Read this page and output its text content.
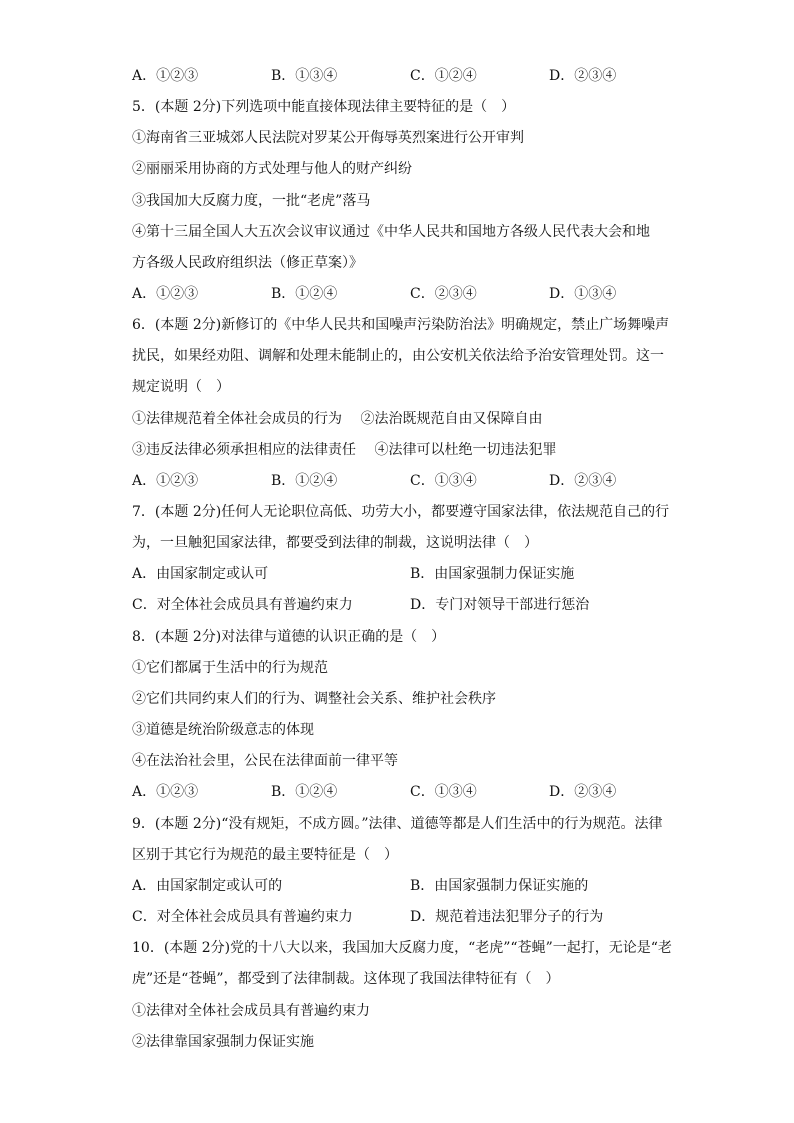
A．①②③	B．①③④	C．①②④	D．②③④
5．(本题 2分)下列选项中能直接体现法律主要特征的是（　）
①海南省三亚城郊人民法院对罗某公开侮辱英烈案进行公开审判
②丽丽采用协商的方式处理与他人的财产纠纷
③我国加大反腐力度，一批“老虎”落马
④第十三届全国人大五次会议审议通过《中华人民共和国地方各级人民代表大会和地
方各级人民政府组织法（修正草案）》
A．①②③	B．①②④	C．②③④	D．①③④
6．(本题 2分)新修订的《中华人民共和国噪声污染防治法》明确规定，禁止广场舞噪声
扰民，如果经劝阻、调解和处理未能制止的，由公安机关依法给予治安管理处罚。这一
规定说明（　）
①法律规范着全体社会成员的行为　 ②法治既规范自由又保障自由
③违反法律必须承担相应的法律责任　 ④法律可以杜绝一切违法犯罪
A．①②③	B．①②④	C．①③④	D．②③④
7．(本题 2分)任何人无论职位高低、功劳大小，都要遵守国家法律，依法规范自己的行
为，一旦触犯国家法律，都要受到法律的制裁，这说明法律（　）
A．由国家制定或认可	B．由国家强制力保证实施
C．对全体社会成员具有普遍约束力	D．专门对领导干部进行惩治
8．(本题 2分)对法律与道德的认识正确的是（　）
①它们都属于生活中的行为规范
②它们共同约束人们的行为、调整社会关系、维护社会秩序
③道德是统治阶级意志的体现
④在法治社会里，公民在法律面前一律平等
A．①②③	B．①②④	C．①③④	D．②③④
9．(本题 2分)“没有规矩，不成方圆。”法律、道德等都是人们生活中的行为规范。法律
区别于其它行为规范的最主要特征是（　）
A．由国家制定或认可的	B．由国家强制力保证实施的
C．对全体社会成员具有普遍约束力	D．规范着违法犯罪分子的行为
10．(本题 2分)党的十八大以来，我国加大反腐力度，“老虎”“苍蝇”一起打，无论是“老
虎”还是“苍蝇”，都受到了法律制裁。这体现了我国法律特征有（　）
①法律对全体社会成员具有普遍约束力
②法律靠国家强制力保证实施
